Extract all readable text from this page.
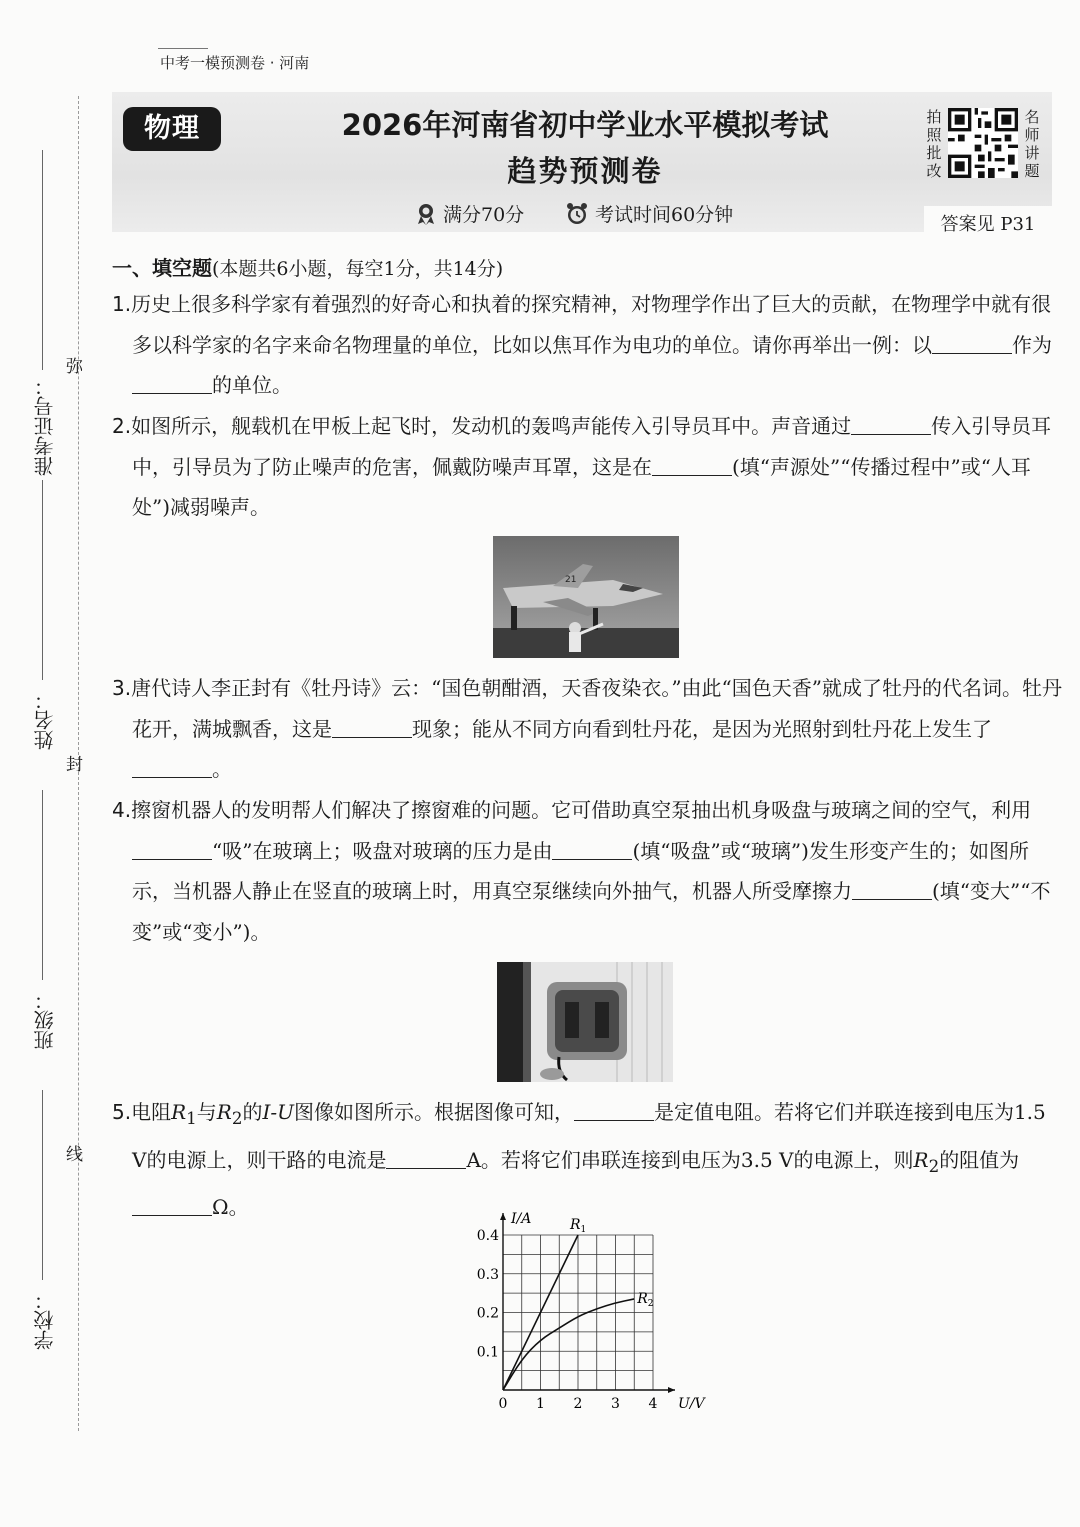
中考一模预测卷 · 河南
物理	2026年河南省初中学业水平模拟考试
趋势预测卷
满分70分	考试时间60分钟
拍
照
批
改
名
师
讲
题
答案见 P31
准考证号：
姓名：
班级：
学校：
弥
封
线
一、填空题(本题共6小题，每空1分，共14分)

1.历史上很多科学家有着强烈的好奇心和执着的探究精神，对物理学作出了巨大的贡献，在物理学中就有很多以科学家的名字来命名物理量的单位，比如以焦耳作为电功的单位。请你再举出一例：以	作为的单位。

2.如图所示，舰载机在甲板上起飞时，发动机的轰鸣声能传入引导员耳中。声音通过	传入引导员耳中，引导员为了防止噪声的危害，佩戴防噪声耳罩，这是在	(填“声源处”“传播过程中”或“人耳处”)减弱噪声。

21

3.唐代诗人李正封有《牡丹诗》云：“国色朝酣酒，天香夜染衣。”由此“国色天香”就成了牡丹的代名词。牡丹花开，满城飘香，这是	现象；能从不同方向看到牡丹花，是因为光照射到牡丹花上发生了。

4.擦窗机器人的发明帮人们解决了擦窗难的问题。它可借助真空泵抽出机身吸盘与玻璃之间的空气，利用“吸”在玻璃上；吸盘对玻璃的压力是由	(填“吸盘”或“玻璃”)发生形变产生的；如图所示，当机器人静止在竖直的玻璃上时，用真空泵继续向外抽气，机器人所受摩擦力	(填“变大”“不变”或“变小”)。

5.电阻$R_1$与$R_2$的I-U图像如图所示。根据图像可知，	是定值电阻。若将它们并联连接到电压为1.5 V的电源上，则干路的电流是	A。若将它们串联连接到电压为3.5 V的电源上，则$R_2$的阻值为Ω。

0 1 2 3 4
0.1
0.2
0.3
0.4
U/V
I/A	$R_1$
$R_2$
